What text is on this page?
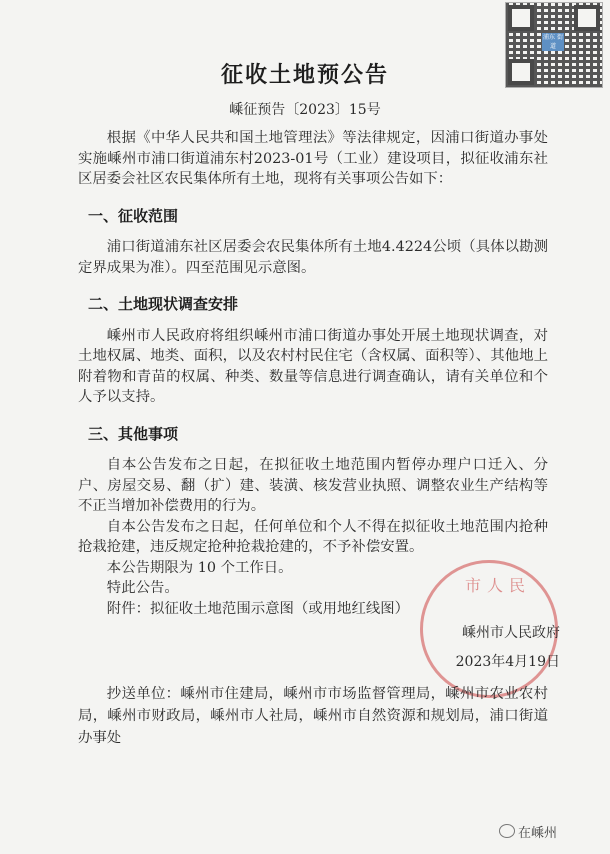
浦东 街道
征收土地预公告
嵊征预告〔2023〕15号

根据《中华人民共和国土地管理法》等法律规定，因浦口街道办事处实施嵊州市浦口街道浦东村2023-01号（工业）建设项目，拟征收浦东社区居委会社区农民集体所有土地，现将有关事项公告如下：

一、征收范围

浦口街道浦东社区居委会农民集体所有土地4.4224公顷（具体以勘测定界成果为准）。四至范围见示意图。

二、土地现状调查安排

嵊州市人民政府将组织嵊州市浦口街道办事处开展土地现状调查，对土地权属、地类、面积，以及农村村民住宅（含权属、面积等）、其他地上附着物和青苗的权属、种类、数量等信息进行调查确认，请有关单位和个人予以支持。

三、其他事项

自本公告发布之日起，在拟征收土地范围内暂停办理户口迁入、分户、房屋交易、翻（扩）建、装潢、核发营业执照、调整农业生产结构等不正当增加补偿费用的行为。

自本公告发布之日起，任何单位和个人不得在拟征收土地范围内抢种抢栽抢建，违反规定抢种抢栽抢建的，不予补偿安置。

本公告期限为 10 个工作日。

特此公告。

附件：拟征收土地范围示意图（或用地红线图）

市人民
嵊州市人民政府
2023年4月19日

抄送单位：嵊州市住建局，嵊州市市场监督管理局，嵊州市农业农村局，嵊州市财政局，嵊州市人社局，嵊州市自然资源和规划局，浦口街道办事处

在嵊州
